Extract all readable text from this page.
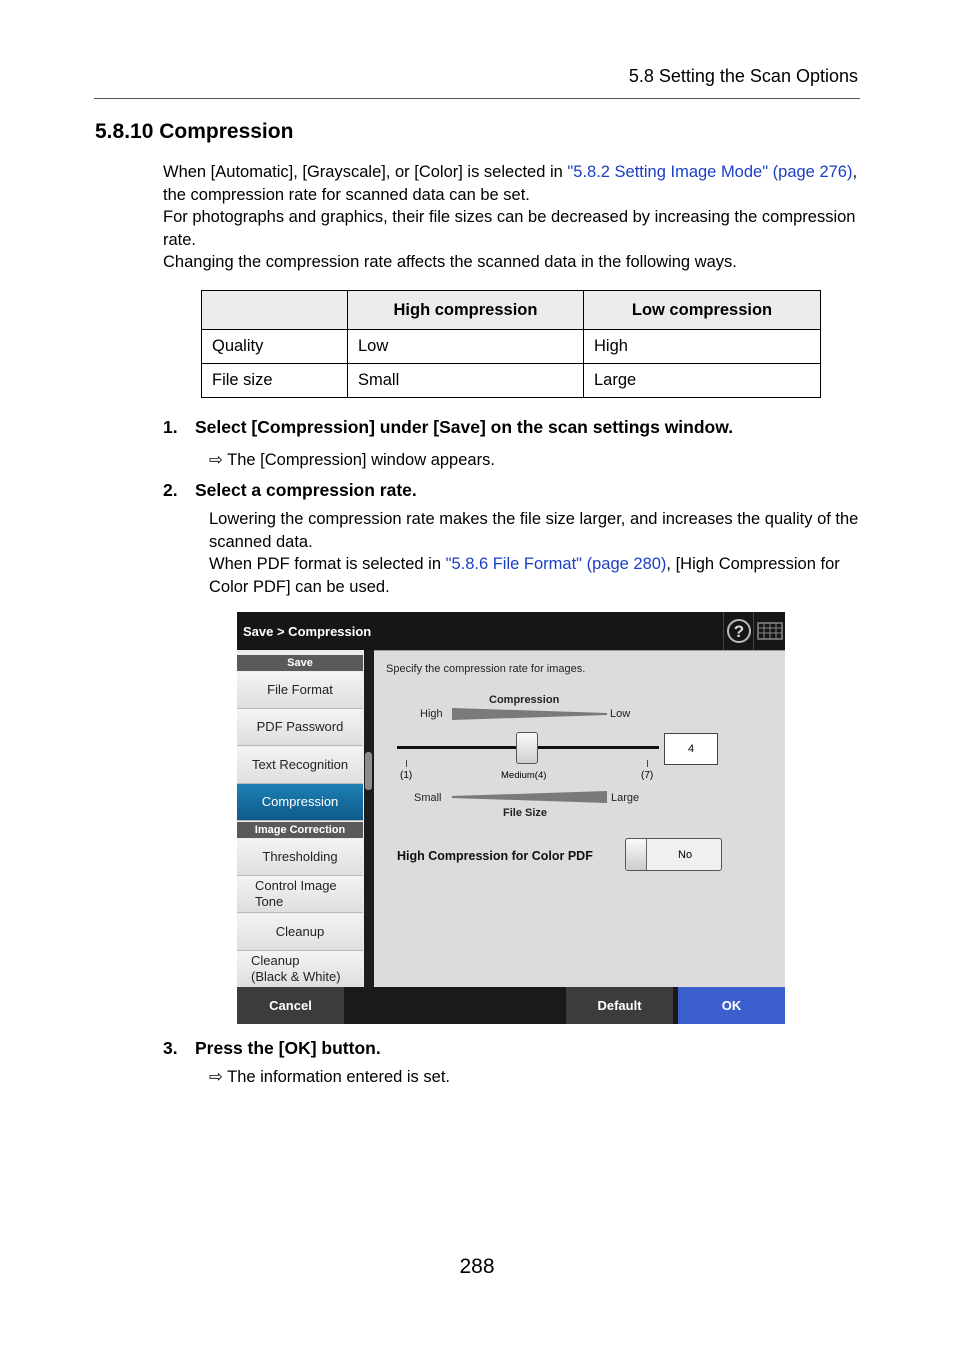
5.8 Setting the Scan Options
5.8.10 Compression
When [Automatic], [Grayscale], or [Color] is selected in "5.8.2 Setting Image Mode" (page 276), the compression rate for scanned data can be set.
For photographs and graphics, their file sizes can be decreased by increasing the compression rate.
Changing the compression rate affects the scanned data in the following ways.
	High compression	Low compression
Quality	Low	High
File size	Small	Large
1. Select [Compression] under [Save] on the scan settings window.
⇨ The [Compression] window appears.
2. Select a compression rate.
Lowering the compression rate makes the file size larger, and increases the quality of the scanned data.
When PDF format is selected in "5.8.6 File Format" (page 280), [High Compression for Color PDF] can be used.
Save > Compression	?
Save
File Format
PDF Password
Text Recognition
Compression
Image Correction
Thresholding
Control Image
Tone
Cleanup
Cleanup
(Black & White)
Specify the compression rate for images.
Compression
High	Low
(1)	Medium(4)	(7)
4
Small	Large
File Size
High Compression for Color PDF	No
Cancel	Default	OK
3. Press the [OK] button.
⇨ The information entered is set.
288
